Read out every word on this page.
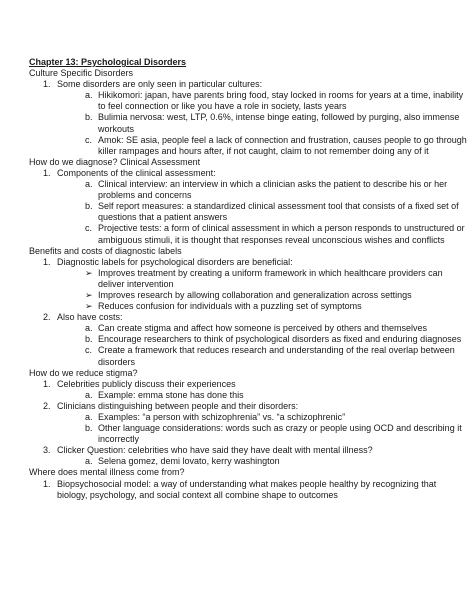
Chapter 13: Psychological Disorders
Culture Specific Disorders
1. Some disorders are only seen in particular cultures:
a. Hikikomori: japan, have parents bring food, stay locked in rooms for years at a time, inability to feel connection or like you have a role in society, lasts years
b. Bulimia nervosa: west, LTP, 0.6%, intense binge eating, followed by purging, also immense workouts
c. Amok: SE asia, people feel a lack of connection and frustration, causes people to go through killer rampages and hours after, if not caught, claim to not remember doing any of it
How do we diagnose? Clinical Assessment
1. Components of the clinical assessment:
a. Clinical interview: an interview in which a clinician asks the patient to describe his or her problems and concerns
b. Self report measures: a standardized clinical assessment tool that consists of a fixed set of questions that a patient answers
c. Projective tests: a form of clinical assessment in which a person responds to unstructured or ambiguous stimuli, it is thought that responses reveal unconscious wishes and conflicts
Benefits and costs of diagnostic labels
1. Diagnostic labels for psychological disorders are beneficial:
➢ Improves treatment by creating a uniform framework in which healthcare providers can deliver intervention
➢ Improves research by allowing collaboration and generalization across settings
➢ Reduces confusion for individuals with a puzzling set of symptoms
2. Also have costs:
a. Can create stigma and affect how someone is perceived by others and themselves
b. Encourage researchers to think of psychological disorders as fixed and enduring diagnoses
c. Create a framework that reduces research and understanding of the real overlap between disorders
How do we reduce stigma?
1. Celebrities publicly discuss their experiences
a. Example: emma stone has done this
2. Clinicians distinguishing between people and their disorders:
a. Examples: “a person with schizophrenia” vs. “a schizophrenic”
b. Other language considerations: words such as crazy or people using OCD and describing it incorrectly
3. Clicker Question: celebrities who have said they have dealt with mental illness?
a. Selena gomez, demi lovato, kerry washington
Where does mental illness come from?
1. Biopsychosocial model: a way of understanding what makes people healthy by recognizing that biology, psychology, and social context all combine shape to outcomes
